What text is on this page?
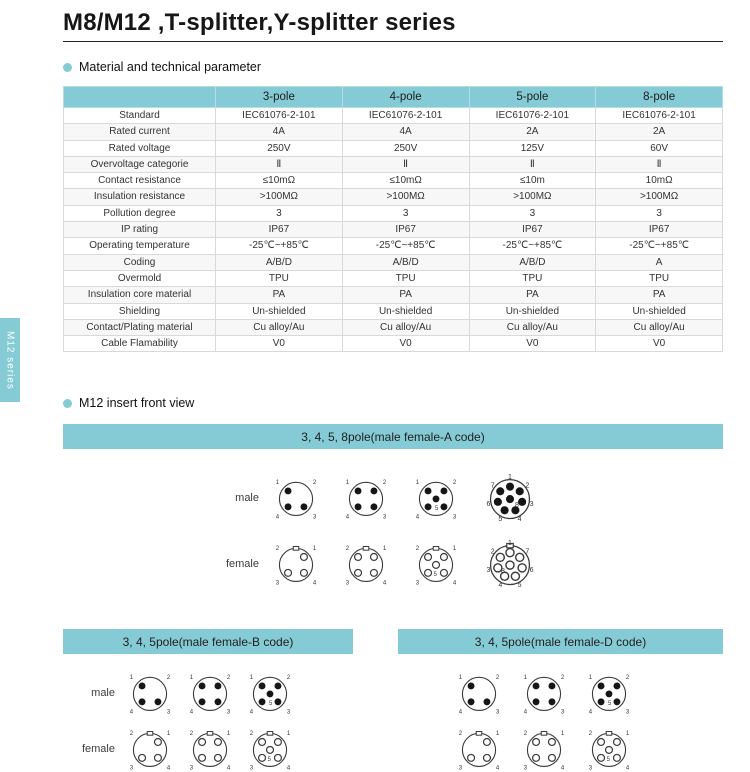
M12 series
M8/M12 ,T-splitter,Y-splitter series
Material and technical parameter
	3-pole	4-pole	5-pole	8-pole
Standard	IEC61076-2-101	IEC61076-2-101	IEC61076-2-101	IEC61076-2-101
Rated current	4A	4A	2A	2A
Rated voltage	250V	250V	125V	60V
Overvoltage categorie	Ⅱ	Ⅱ	Ⅱ	Ⅱ
Contact resistance	≤10mΩ	≤10mΩ	≤10m	10mΩ
Insulation resistance	>100MΩ	>100MΩ	>100MΩ	>100MΩ
Pollution degree	3	3	3	3
IP rating	IP67	IP67	IP67	IP67
Operating temperature	-25℃~+85℃	-25℃~+85℃	-25℃~+85℃	-25℃~+85℃
Coding	A/B/D	A/B/D	A/B/D	A
Overmold	TPU	TPU	TPU	TPU
Insulation core material	PA	PA	PA	PA
Shielding	Un-shielded	Un-shielded	Un-shielded	Un-shielded
Contact/Plating material	Cu alloy/Au	Cu alloy/Au	Cu alloy/Au	Cu alloy/Au
Cable Flamability	V0	V0	V0	V0
M12 insert front view
3, 4, 5, 8pole(male female-A code)
male
1	2
3
4
1	2
3
4
1	2
3
4
5
1
2
3
4
5
6
7
8
female
1
2
3	4
1
2
3	4
1
2
3	4
5
1
2
3
4 5
6
7
8
3, 4, 5pole(male female-B code)
male
1	2
3
4
1	2
3
4
1	2
3
4
5
female
1
2
3	4
1
2
3	4
1
2
3	4
5
3, 4, 5pole(male female-D code)
1	2
3
4
1	2
3
4
1	2
3
4
5
1
2
3	4
1
2
3	4
1
2
3	4
5
